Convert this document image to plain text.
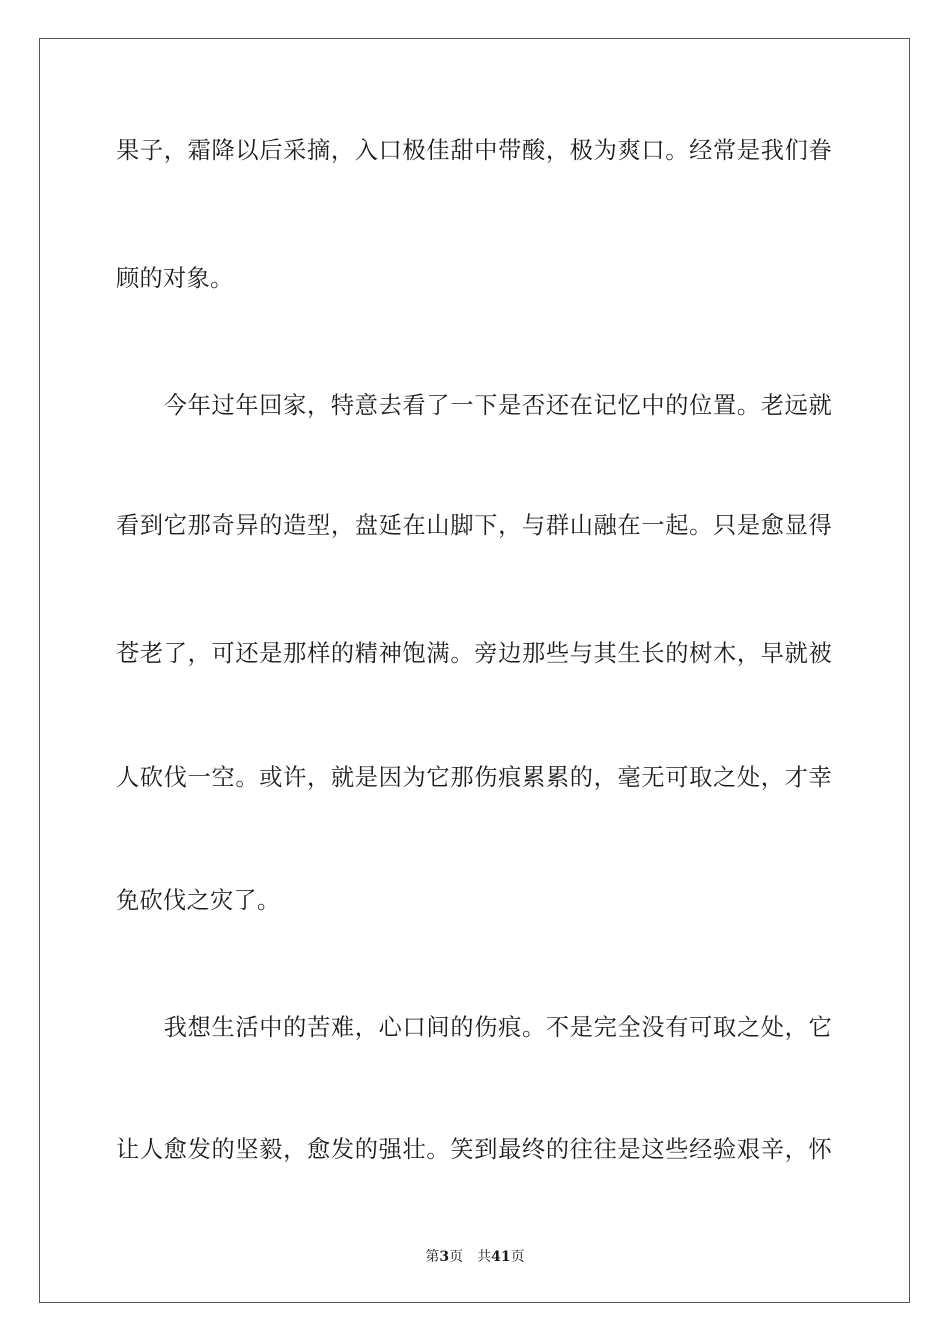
果子，霜降以后采摘，入口极佳甜中带酸，极为爽口。经常是我们眷
顾的对象。
　　今年过年回家，特意去看了一下是否还在记忆中的位置。老远就
看到它那奇异的造型，盘延在山脚下，与群山融在一起。只是愈显得
苍老了，可还是那样的精神饱满。旁边那些与其生长的树木，早就被
人砍伐一空。或许，就是因为它那伤痕累累的，毫无可取之处，才幸
免砍伐之灾了。
　　我想生活中的苦难，心口间的伤痕。不是完全没有可取之处，它
让人愈发的坚毅，愈发的强壮。笑到最终的往往是这些经验艰辛，怀
第3页 共41页
